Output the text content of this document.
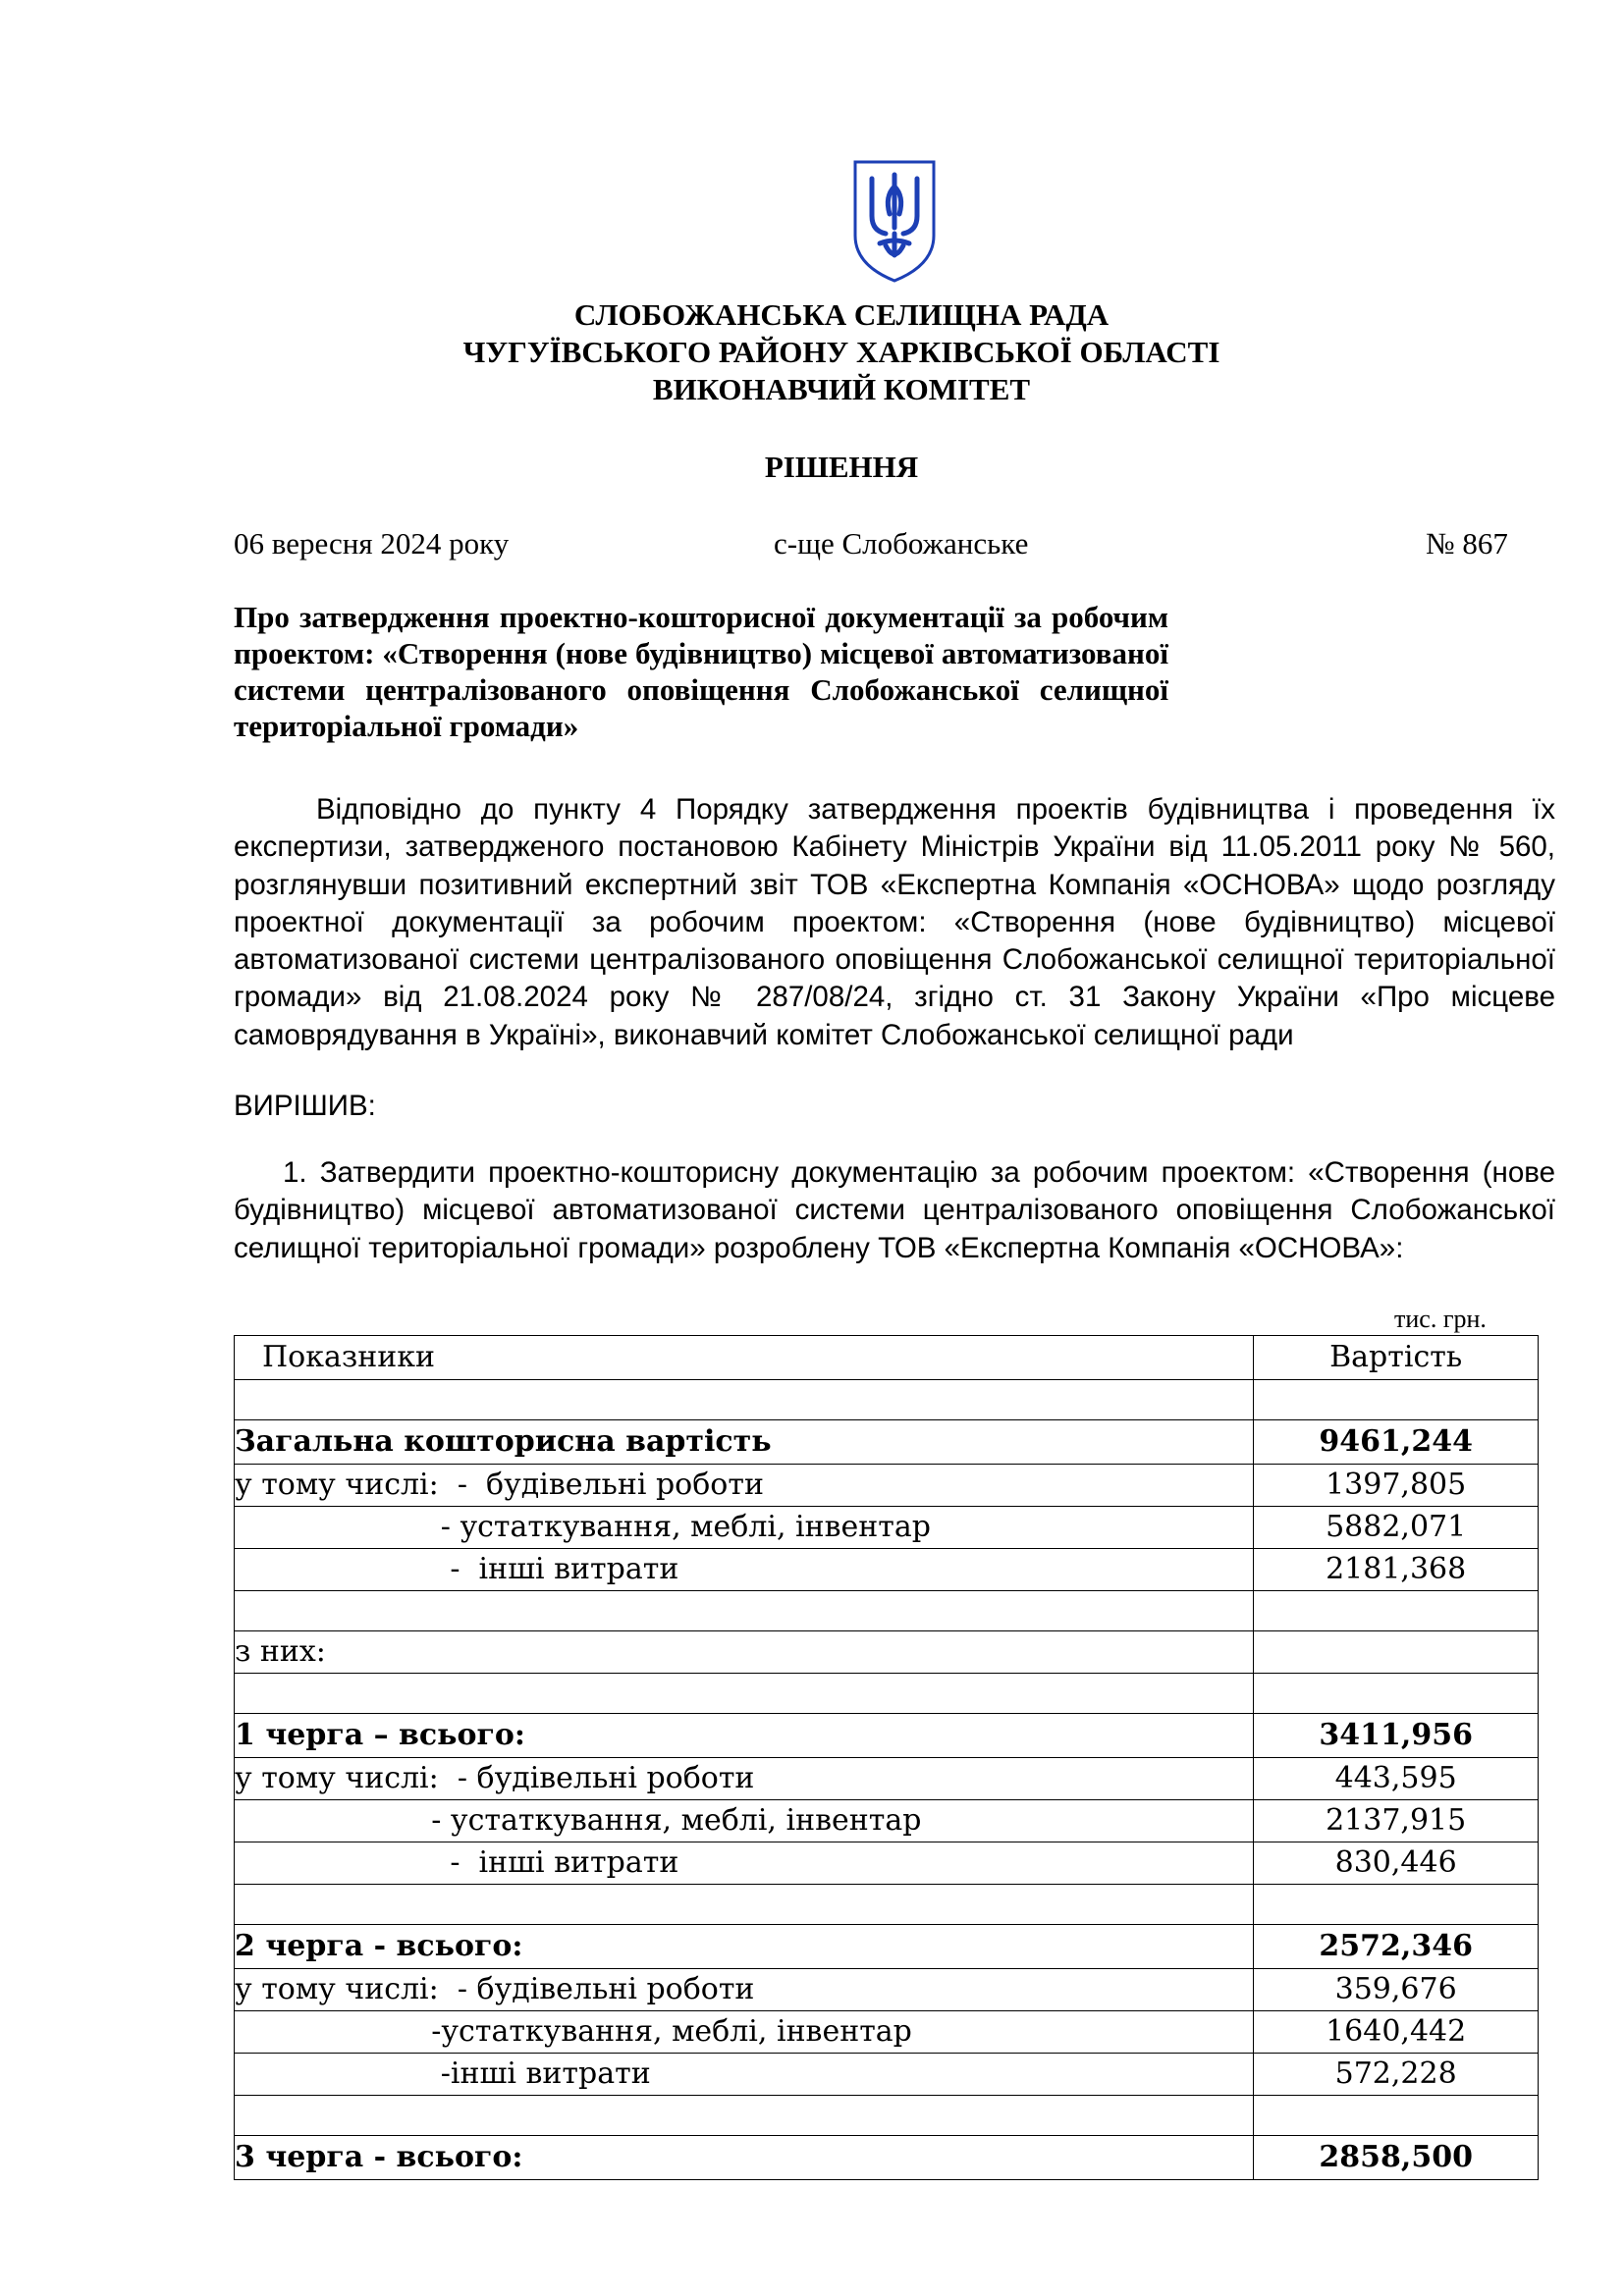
СЛОБОЖАНСЬКА СЕЛИЩНА РАДА
ЧУГУЇВСЬКОГО РАЙОНУ ХАРКІВСЬКОЇ ОБЛАСТІ
ВИКОНАВЧИЙ КОМІТЕТ
РІШЕННЯ
06 вересня 2024 року	с-ще Слобожанське	№ 867
Про затвердження проектно-кошторисної документації за робочим проектом: «Створення (нове будівництво) місцевої автоматизованої системи централізованого оповіщення Слобожанської селищної територіальної громади»
Відповідно до пункту 4 Порядку затвердження проектів будівництва і проведення їх експертизи, затвердженого постановою Кабінету Міністрів України від 11.05.2011 року № 560, розглянувши позитивний експертний звіт ТОВ «Експертна Компанія «ОСНОВА» щодо розгляду проектної документації за робочим проектом: «Створення (нове будівництво) місцевої автоматизованої системи централізованого оповіщення Слобожанської селищної територіальної громади» від 21.08.2024 року № 287/08/24, згідно ст. 31 Закону України «Про місцеве самоврядування в Україні», виконавчий комітет Слобожанської селищної ради
ВИРІШИВ:
1. Затвердити проектно-кошторисну документацію за робочим проектом: «Створення (нове будівництво) місцевої автоматизованої системи централізованого оповіщення Слобожанської селищної територіальної громади» розроблену ТОВ «Експертна Компанія «ОСНОВА»:
тис. грн.
Показники	Вартість

Загальна кошторисна вартість	9461,244
у тому числі:  -  будівельні роботи	1397,805
- устаткування, меблі, інвентар	5882,071
-  інші витрати	2181,368

з них:	

1 черга – всього:	3411,956
у тому числі:  - будівельні роботи	443,595
- устаткування, меблі, інвентар	2137,915
-  інші витрати	830,446

2 черга - всього:	2572,346
у тому числі:  - будівельні роботи	359,676
-устаткування, меблі, інвентар	1640,442
-інші витрати	572,228

3 черга - всього:	2858,500
